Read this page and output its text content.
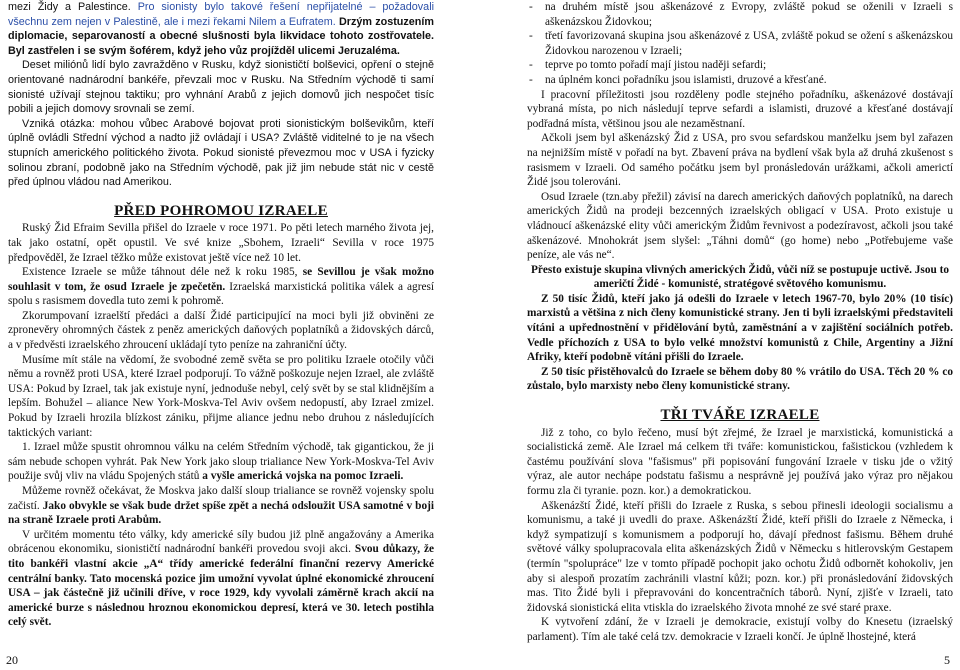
mezi Židy a Palestince. Pro sionisty bylo takové řešení nepřijatelné – požadovali všechnu zem nejen v Palestině, ale i mezi řekami Nilem a Eufratem. Drzým zostuzením diplomacie, separovaností a obecné slušnosti byla likvidace tohoto zostřovatele. Byl zastřelen i se svým šoférem, když jeho vůz projížděl ulicemi Jeruzaléma.

Deset miliónů lidí bylo zavražděno v Rusku, když sionističtí bolševici, opření o stejně orientované nadnárodní bankéře, převzali moc v Rusku. Na Středním východě ti samí sionisté užívají stejnou taktiku; pro vyhnání Arabů z jejich domovů jich nespočet tisíc pobili a jejich domovy srovnali se zemí.

Vzniká otázka: mohou vůbec Arabové bojovat proti sionistickým bolševikům, kteří úplně ovládli Střední východ a nadto již ovládají i USA? Zvláště viditelné to je na všech stupních amerického politického života. Pokud sionisté převezmou moc v USA i fyzicky solinou zbraní, podobně jako na Středním východě, pak již jim nebude stát nic v cestě před úplnou vládou nad Amerikou.

PŘED POHROMOU IZRAELE

Ruský Žid Efraim Sevilla přišel do Izraele v roce 1971. Po pěti letech marného života jej, tak jako ostatní, opět opustil. Ve své knize „Sbohem, Izraeli“ Sevilla v roce 1975 předpověděl, že Izrael těžko může existovat ještě více než 10 let.

Existence Izraele se může táhnout déle než k roku 1985, se Sevillou je však možno souhlasit v tom, že osud Izraele je zpečetěn. Izraelská marxistická politika válek a agresí spolu s rasismem dovedla tuto zemi k pohromě.

Zkorumpovaní izraelští předáci a další Židé participující na moci byli již obviněni ze zpronevěry ohromných částek z peněz amerických daňových poplatníků a židovských dárců, a v předvěsti izraelského zhroucení ukládají tyto peníze na zahraniční účty.

Musíme mít stále na vědomí, že svobodné země světa se pro politiku Izraele otočily vůči němu a rovněž proti USA, které Izrael podporují. To vážně poškozuje nejen Izrael, ale zvláště USA: Pokud by Izrael, tak jak existuje nyní, jednoduše nebyl, celý svět by se stal klidnějším a lepším. Bohužel – aliance New York-Moskva-Tel Aviv ovšem nedopustí, aby Izrael zmizel. Pokud by Izraeli hrozila blízkost zániku, přijme aliance jednu nebo druhou z následujících taktických variant:

1. Izrael může spustit ohromnou válku na celém Středním východě, tak gigantickou, že ji sám nebude schopen vyhrát. Pak New York jako sloup trialiance New York-Moskva-Tel Aviv použije svůj vliv na vládu Spojených států a vyšle americká vojska na pomoc Izraeli.

Můžeme rovněž očekávat, že Moskva jako další sloup trialiance se rovněž vojensky spolu začistí. Jako obvykle se však bude držet spíše zpět a nechá odsloužit USA samotné v boji na straně Izraele proti Arabům.

V určitém momentu této války, kdy americké síly budou již plně angažovány a Amerika obrácenou ekonomiku, sionističtí nadnárodní bankéři provedou svoji akci. Svou důkazy, že tito bankéři vlastní akcie „A“ třídy americké federální finanční rezervy Americké centrální banky. Tato mocenská pozice jim umožní vyvolat úplné ekonomické zhroucení USA – jak částečně již učinili dříve, v roce 1929, kdy vyvolali záměrně krach akcií na americké burze s následnou hroznou ekonomickou depresí, která ve 30. letech postihla celý svět.

- na druhém místě jsou aškenázové z Evropy, zvláště pokud se oženili v Izraeli s aškenázskou Židovkou;
- třetí favorizovaná skupina jsou aškenázové z USA, zvláště pokud se ožení s aškenázskou Židovkou narozenou v Izraeli;
- teprve po tomto pořadí mají jistou naději sefardi;
- na úplném konci pořadníku jsou islamisti, druzové a křesťané.

I pracovní příležitosti jsou rozděleny podle stejného pořadníku, aškenázové dostávají vybraná místa, po nich následují teprve sefardi a islamisti, druzové a křesťané dostávají podřadná místa, většinou jsou ale nezaměstnaní.

Ačkoli jsem byl aškenázský Žid z USA, pro svou sefardskou manželku jsem byl zařazen na nejnižším místě v pořadí na byt. Zbavení práva na bydlení však byla až druhá zkušenost s rasismem v Izraeli. Od samého počátku jsem byl pronásledován urážkami, ačkoli americtí Židé jsou tolerováni.

Osud Izraele (tzn.aby přežil) závisí na darech amerických daňových poplatníků, na darech amerických Židů na prodeji bezcenných izraelských obligací v USA. Proto existuje u vládnoucí aškenázské elity vůči americkým Židům řevnivost a podezíravost, ačkoli jsou také aškenázové. Mnohokrát jsem slyšel: „Táhni domů“ (go home) nebo „Potřebujeme vaše peníze, ale vás ne“.

Přesto existuje skupina vlivných amerických Židů, vůči níž se postupuje uctivě. Jsou to američtí Židé - komunisté, stratégové světového komunismu.

Z 50 tisíc Židů, kteří jako já odešli do Izraele v letech 1967-70, bylo 20% (10 tisíc) marxistů a většina z nich členy komunistické strany. Jen ti byli izraelskými představiteli vítáni a upřednostnění v přidělování bytů, zaměstnání a v zajištění sociálních potřeb. Vedle příchozích z USA to bylo velké množství komunistů z Chile, Argentiny a Jižní Afriky, kteří podobně vítáni přišli do Izraele.

Z 50 tisíc přistěhovalců do Izraele se během doby 80 % vrátilo do USA. Těch 20 % co zůstalo, bylo marxisty nebo členy komunistické strany.

TŘI TVÁŘE IZRAELE

Již z toho, co bylo řečeno, musí být zřejmé, že Izrael je marxistická, komunistická a socialistická země. Ale Izrael má celkem tři tváře: komunistickou, fašistickou (vzhledem k častému používání slova "fašismus" při popisování fungování Izraele v tisku jde o vžitý výraz, ale autor nechápe podstatu fašismu a nesprávně jej používá jako výraz pro nějakou formu zla či tyranie. pozn. kor.) a demokratickou.

Aškenázští Židé, kteří přišli do Izraele z Ruska, s sebou přinesli ideologii socialismu a komunismu, a také ji uvedli do praxe. Aškenázští Židé, kteří přišli do Izraele z Německa, i když sympatizují s komunismem a podporují ho, dávají přednost fašismu. Během druhé světové války spolupracovala elita aškenázských Židů v Německu s hitlerovským Gestapem (termín "spolupráce" lze v tomto případě pochopit jako ochotu Židů odbornět kohokoliv, jen aby si alespoň prozatím zachránili vlastní kůži; pozn. kor.) při pronásledování židovských mas. Tito Židé byli i přepravováni do koncentračních táborů. Nyní, zjišťe v Izraeli, tato židovská sionistická elita vtiskla do izraelského života mnohé ze své staré praxe.

K vytvoření zdání, že v Izraeli je demokracie, existují volby do Knesetu (izraelský parlament). Tím ale také celá tzv. demokracie v Izraeli končí. Je úplně lhostejné, která

20	5
